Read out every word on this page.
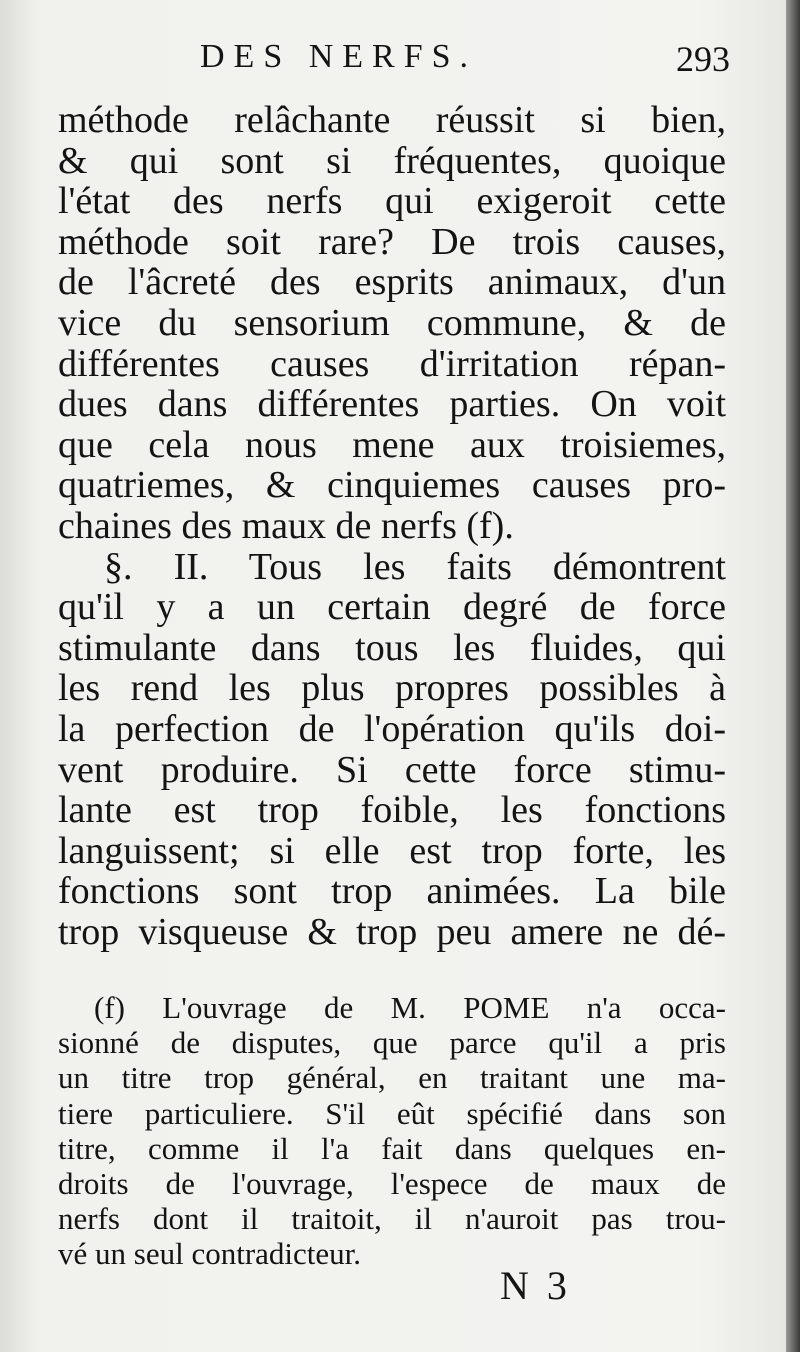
DES NERFS.	293
méthode relâchante réussit si bien,
& qui sont si fréquentes, quoique
l'état des nerfs qui exigeroit cette
méthode soit rare? De trois causes,
de l'âcreté des esprits animaux, d'un
vice du sensorium commune, & de
différentes causes d'irritation répan-
dues dans différentes parties. On voit
que cela nous mene aux troisiemes,
quatriemes, & cinquiemes causes pro-
chaines des maux de nerfs (f).
§. II. Tous les faits démontrent
qu'il y a un certain degré de force
stimulante dans tous les fluides, qui
les rend les plus propres possibles à
la perfection de l'opération qu'ils doi-
vent produire. Si cette force stimu-
lante est trop foible, les fonctions
languissent; si elle est trop forte, les
fonctions sont trop animées. La bile
trop visqueuse & trop peu amere ne dé-
(f) L'ouvrage de M. POME n'a occa-
sionné de disputes, que parce qu'il a pris
un titre trop général, en traitant une ma-
tiere particuliere. S'il eût spécifié dans son
titre, comme il l'a fait dans quelques en-
droits de l'ouvrage, l'espece de maux de
nerfs dont il traitoit, il n'auroit pas trou-
vé un seul contradicteur.
N 3
